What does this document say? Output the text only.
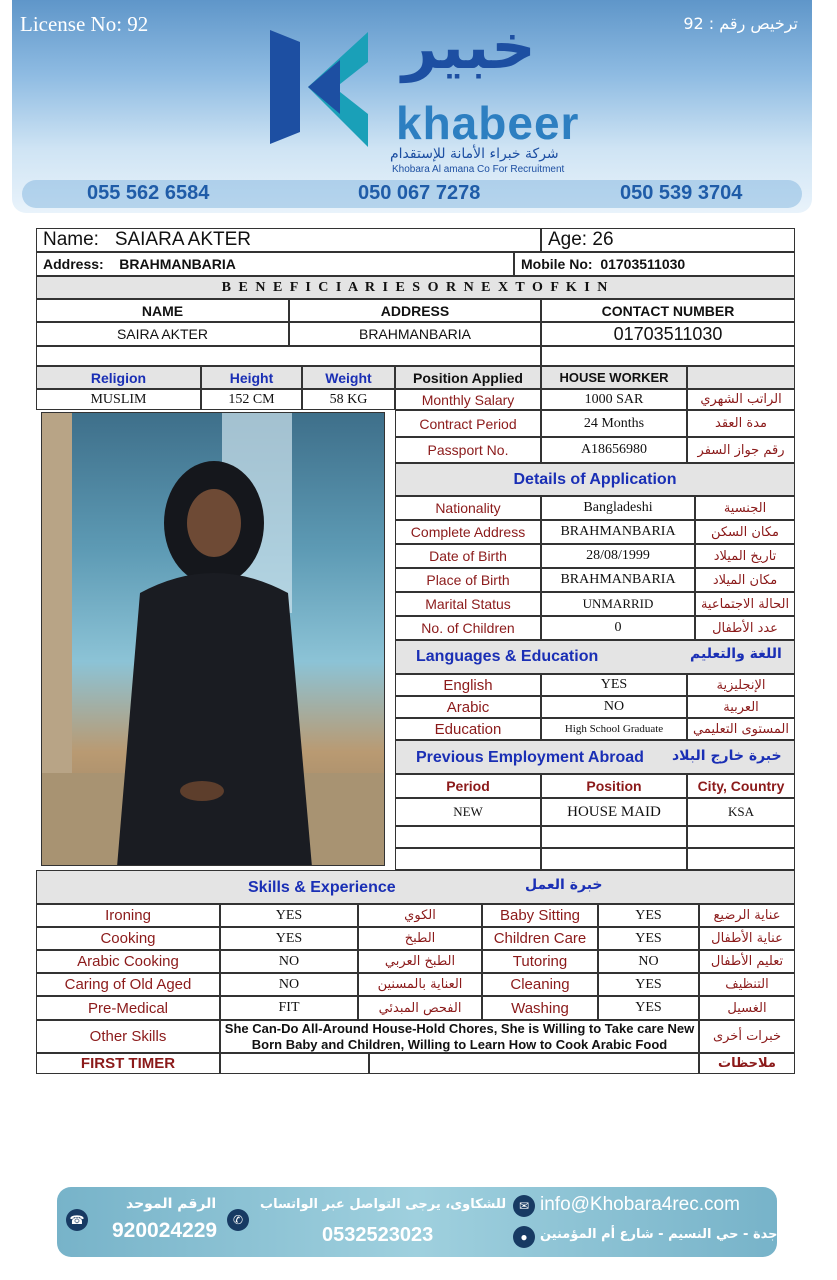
License No: 92	ترخيص رقم : 92
خبير
khabeer
شركة خبراء الأمانة للإستقدام
Khobara Al amana Co For Recruitment
055 562 6584	050 067 7278	050 539 3704
Name:
SAIARA AKTER	Age:
26
Address:
BRAHMANBARIA	Mobile No:
01703511030
B E N E F I C I A R I E S O R N E X T O F K I N
NAME	ADDRESS	CONTACT NUMBER
SAIRA AKTER	BRAHMANBARIA	01703511030
Religion	Height	Weight	Position Applied	HOUSE WORKER
MUSLIM	152 CM	58 KG	Monthly Salary	1000 SAR	الراتب الشهري
Contract Period	24 Months	مدة العقد
Passport No.	A18656980	رقم جواز السفر
Details of Application
Nationality	Bangladeshi	الجنسية
Complete Address	BRAHMANBARIA	مكان السكن
Date of Birth	28/08/1999	تاريخ الميلاد
Place of Birth	BRAHMANBARIA	مكان الميلاد
Marital Status	UNMARRID	الحالة الاجتماعية
No. of Children	0	عدد الأطفال
Languages & Education	اللغة والتعليم
English	YES	الإنجليزية
Arabic	NO	العربية
Education	High School Graduate	المستوى التعليمي
Previous Employment Abroad خبرة خارج البلاد
Period	Position	City, Country
NEW	HOUSE MAID	KSA
Skills & Experience	خبرة العمل
Ironing	YES	الكوي	Baby Sitting	YES	عناية الرضيع
Cooking	YES	الطبخ	Children Care	YES	عناية الأطفال
Arabic Cooking	NO	الطبخ العربي	Tutoring	NO	تعليم الأطفال
Caring of Old Aged	NO	العناية بالمسنين	Cleaning	YES	التنظيف
Pre-Medical	FIT	الفحص المبدئي	Washing	YES	الغسيل
Other Skills	She Can-Do All-Around House-Hold Chores, She is Willing to Take care New Born Baby and Children, Willing to Learn How to Cook Arabic Food	خبرات أخرى
FIRST TIMER	ملاحظات
☎
الرقم الموحد
920024229	✆
للشكاوى، يرجى التواصل عبر الواتساب
0532523023
✉ info@Khobara4rec.com
● جدة - حي النسيم - شارع أم المؤمنين
